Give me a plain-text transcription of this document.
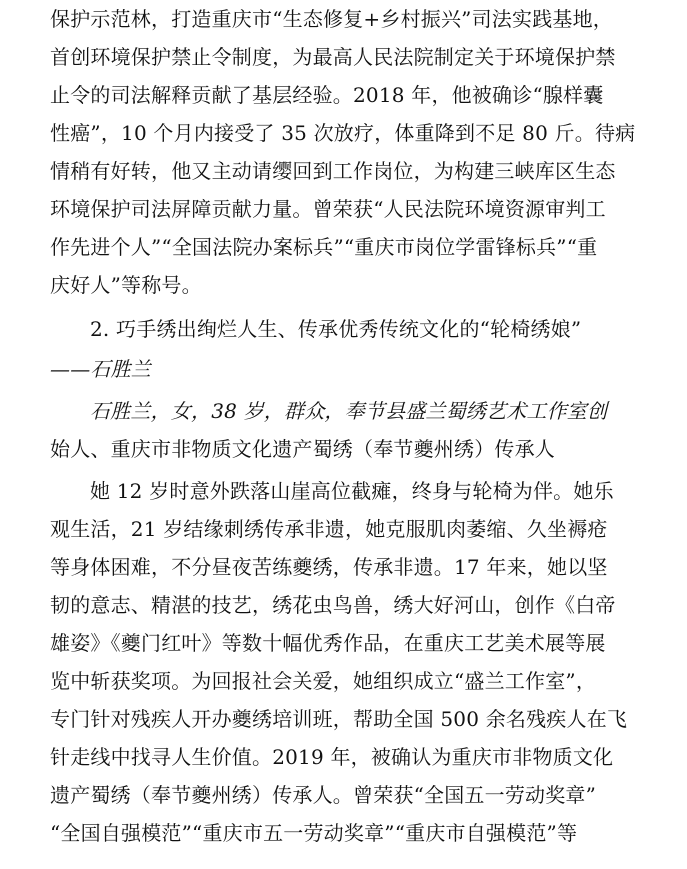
保护示范林，打造重庆市“生态修复+乡村振兴”司法实践基地，
首创环境保护禁止令制度，为最高人民法院制定关于环境保护禁
止令的司法解释贡献了基层经验。2018 年，他被确诊“腺样囊
性癌”，10 个月内接受了 35 次放疗，体重降到不足 80 斤。待病
情稍有好转，他又主动请缨回到工作岗位，为构建三峡库区生态
环境保护司法屏障贡献力量。曾荣获“人民法院环境资源审判工
作先进个人”“全国法院办案标兵”“重庆市岗位学雷锋标兵”“重
庆好人”等称号。
2. 巧手绣出绚烂人生、传承优秀传统文化的“轮椅绣娘”
——石胜兰
石胜兰，女，38 岁，群众，奉节县盛兰蜀绣艺术工作室创
始人、重庆市非物质文化遗产蜀绣（奉节夔州绣）传承人
她 12 岁时意外跌落山崖高位截瘫，终身与轮椅为伴。她乐
观生活，21 岁结缘刺绣传承非遗，她克服肌肉萎缩、久坐褥疮
等身体困难，不分昼夜苦练夔绣，传承非遗。17 年来，她以坚
韧的意志、精湛的技艺，绣花虫鸟兽，绣大好河山，创作《白帝
雄姿》《夔门红叶》等数十幅优秀作品，在重庆工艺美术展等展
览中斩获奖项。为回报社会关爱，她组织成立“盛兰工作室”，
专门针对残疾人开办夔绣培训班，帮助全国 500 余名残疾人在飞
针走线中找寻人生价值。2019 年，被确认为重庆市非物质文化
遗产蜀绣（奉节夔州绣）传承人。曾荣获“全国五一劳动奖章”
“全国自强模范”“重庆市五一劳动奖章”“重庆市自强模范”等
